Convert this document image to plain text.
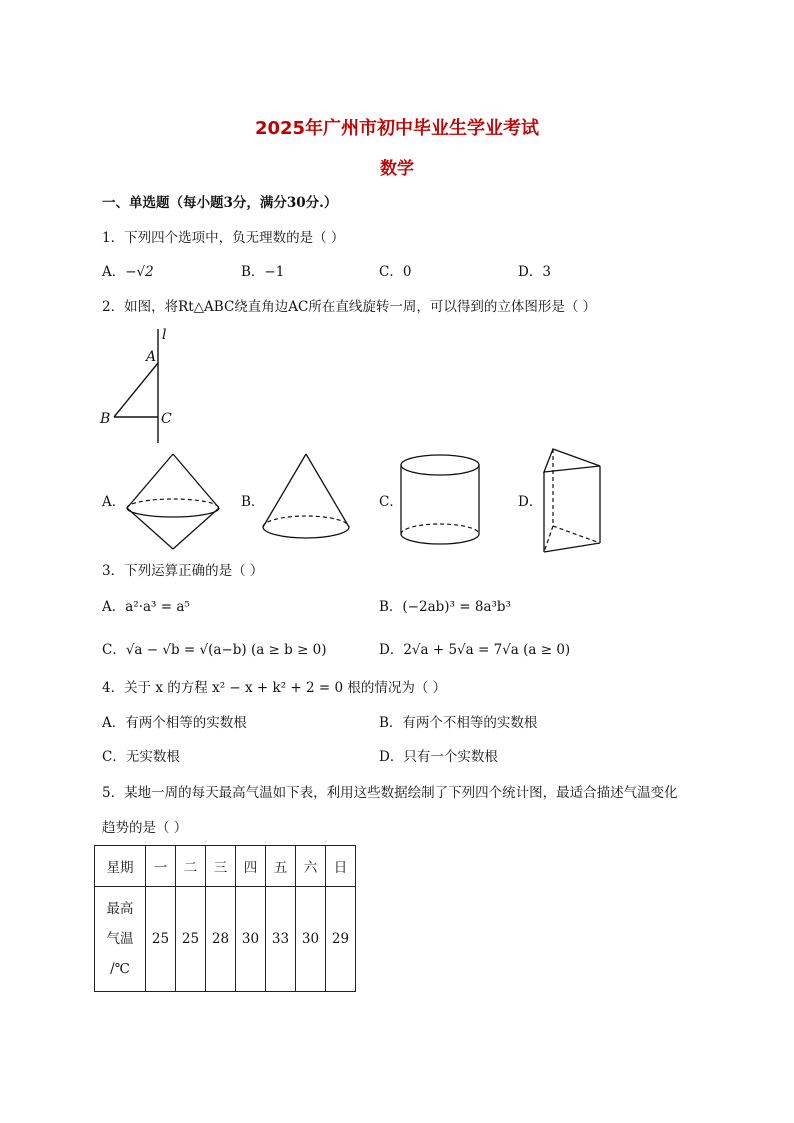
2025年广州市初中毕业生学业考试
数学
一、单选题（每小题3分，满分30分.）
1．下列四个选项中，负无理数的是（ ）
A．−√2	B．−1	C．0	D．3
2．如图，将Rt△ABC绕直角边AC所在直线旋转一周，可以得到的立体图形是（ ）
l
A
B	C
A．	B．	C．	D．
3．下列运算正确的是（ ）
A．a²·a³ = a⁵	B．(−2ab)³ = 8a³b³
C．√a − √b = √(a−b) (a ≥ b ≥ 0)	D．2√a + 5√a = 7√a (a ≥ 0)
4．关于 x 的方程 x² − x + k² + 2 = 0 根的情况为（ ）
A．有两个相等的实数根	B．有两个不相等的实数根
C．无实数根	D．只有一个实数根
5．某地一周的每天最高气温如下表，利用这些数据绘制了下列四个统计图，最适合描述气温变化
趋势的是（ ）
星期	一	二	三	四	五	六	日

最高
气温
/℃	25	25	28	30	33	30	29
